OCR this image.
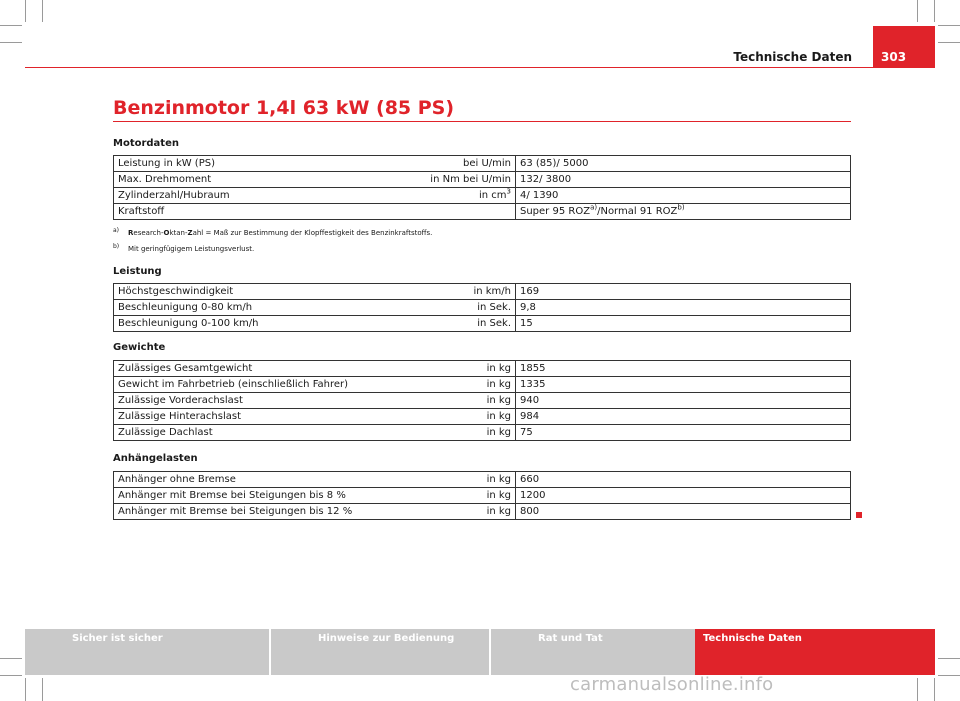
Technische Daten	303
Benzinmotor 1,4l 63 kW (85 PS)
Motordaten
Leistung in kW (PS)	bei U/min	63 (85)/ 5000
Max. Drehmoment	in Nm bei U/min	132/ 3800
Zylinderzahl/Hubraum	in $cm^3$	4/ 1390
Kraftstoff		Super 95 ROZ$^{a)}$/Normal 91 ROZ$^{b)}$
a) Research-Oktan-Zahl = Maß zur Bestimmung der Klopffestigkeit des Benzinkraftstoffs.
b) Mit geringfügigem Leistungsverlust.
Leistung
Höchstgeschwindigkeit	in km/h	169
Beschleunigung 0-80 km/h	in Sek.	9,8
Beschleunigung 0-100 km/h	in Sek.	15
Gewichte
Zulässiges Gesamtgewicht	in kg	1855
Gewicht im Fahrbetrieb (einschließlich Fahrer)	in kg	1335
Zulässige Vorderachslast	in kg	940
Zulässige Hinterachslast	in kg	984
Zulässige Dachlast	in kg	75
Anhängelasten
Anhänger ohne Bremse	in kg	660
Anhänger mit Bremse bei Steigungen bis 8 %	in kg	1200
Anhänger mit Bremse bei Steigungen bis 12 %	in kg	800
Sicher ist sicher	Hinweise zur Bedienung	Rat und Tat	Technische Daten
carmanualsonline.info
